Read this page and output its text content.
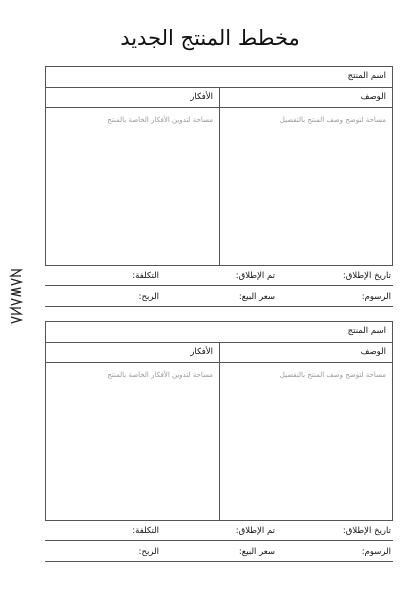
مخطط المنتج الجديد
اسم المنتج
الوصف
الأفكار
مساحة لتوضح وصف المنتج بالتفصيل
مساحة لتدوين الأفكار الخاصة بالمنتج
تاريخ الإطلاق:
تم الإطلاق:
التكلفة:
الرسوم:
سعر البيع:
الربح:
اسم المنتج
الوصف
الأفكار
مساحة لتوضح وصف المنتج بالتفصيل
مساحة لتدوين الأفكار الخاصة بالمنتج
تاريخ الإطلاق:
تم الإطلاق:
التكلفة:
الرسوم:
سعر البيع:
الربح:
